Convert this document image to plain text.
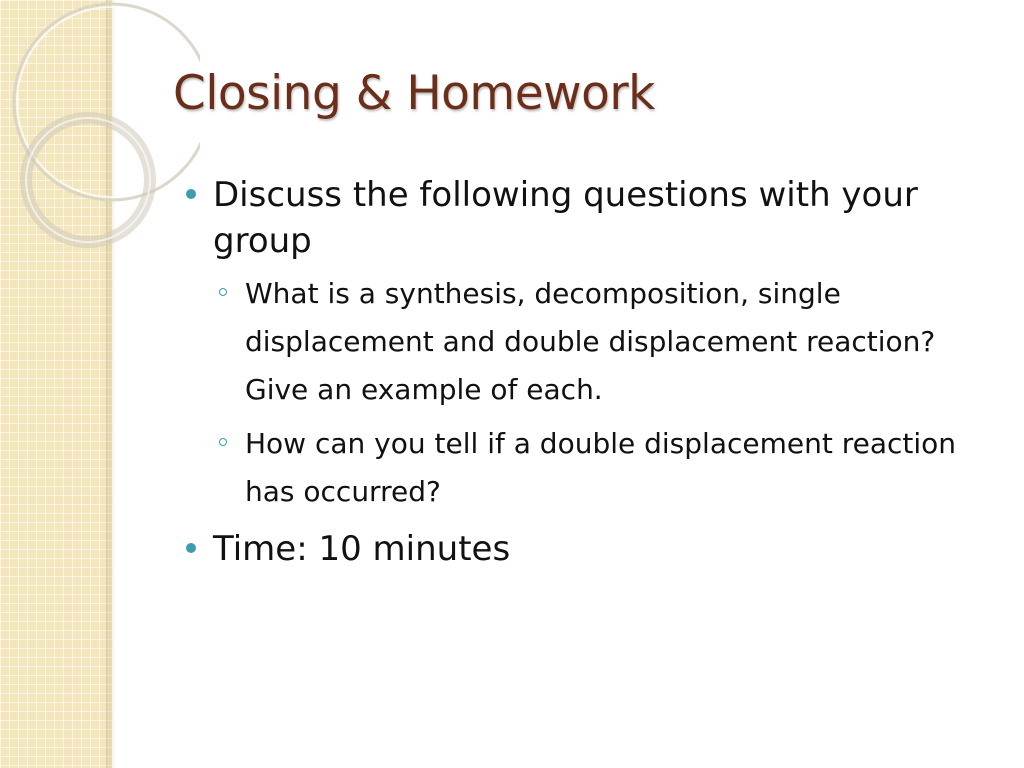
Closing & Homework
Discuss the following questions with your group
What is a synthesis, decomposition, single displacement and double displacement reaction? Give an example of each.
How can you tell if a double displacement reaction has occurred?
Time: 10 minutes
